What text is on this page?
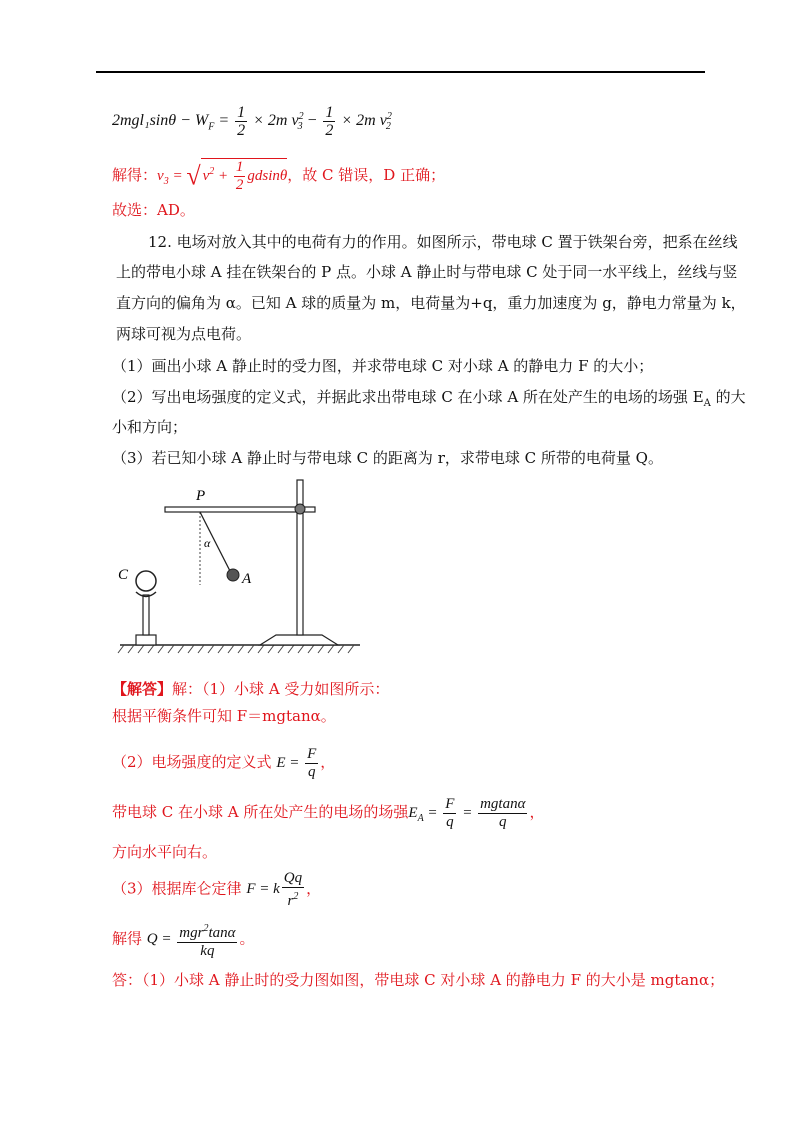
$2mgl_1\sin\theta - W_F = \frac{1}{2} \times 2m$ $v^2_3 - \frac{1}{2} \times 2m$ $v^2_2$
解得：$v_3$ = √ $v^2 + \frac{1}{2}$ gdsinθ，故 C 错误，D 正确；
故选：AD。
12. 电场对放入其中的电荷有力的作用。如图所示，带电球 C 置于铁架台旁，把系在丝线
上的带电小球 A 挂在铁架台的 P 点。小球 A 静止时与带电球 C 处于同一水平线上，丝线与竖
直方向的偏角为 α。已知 A 球的质量为 m，电荷量为+q，重力加速度为 g，静电力常量为 k，
两球可视为点电荷。
（1）画出小球 A 静止时的受力图，并求带电球 C 对小球 A 的静电力 F 的大小；
（2）写出电场强度的定义式，并据此求出带电球 C 在小球 A 所在处产生的电场的场强 $E_A$ 的大
小和方向；
（3）若已知小球 A 静止时与带电球 C 的距离为 r，求带电球 C 所带的电荷量 Q。
C
P
α
A
【解答】解：（1）小球 A 受力如图所示：
根据平衡条件可知 F＝mgtanα。
（2）电场强度的定义式 $E = \frac{F}{q}$ ，
带电球 C 在小球 A 所在处产生的电场的场强$E_A = \frac{F}{q} = \frac{mgtan\alpha}{q}$ ，
方向水平向右。
（3）根据库仑定律 F = k $\frac{Qq}{r^2}$ ，
解得 $Q = \frac{mgr^2\tan\alpha}{kq}$ 。
答：（1）小球 A 静止时的受力图如图，带电球 C 对小球 A 的静电力 F 的大小是 mgtanα；
